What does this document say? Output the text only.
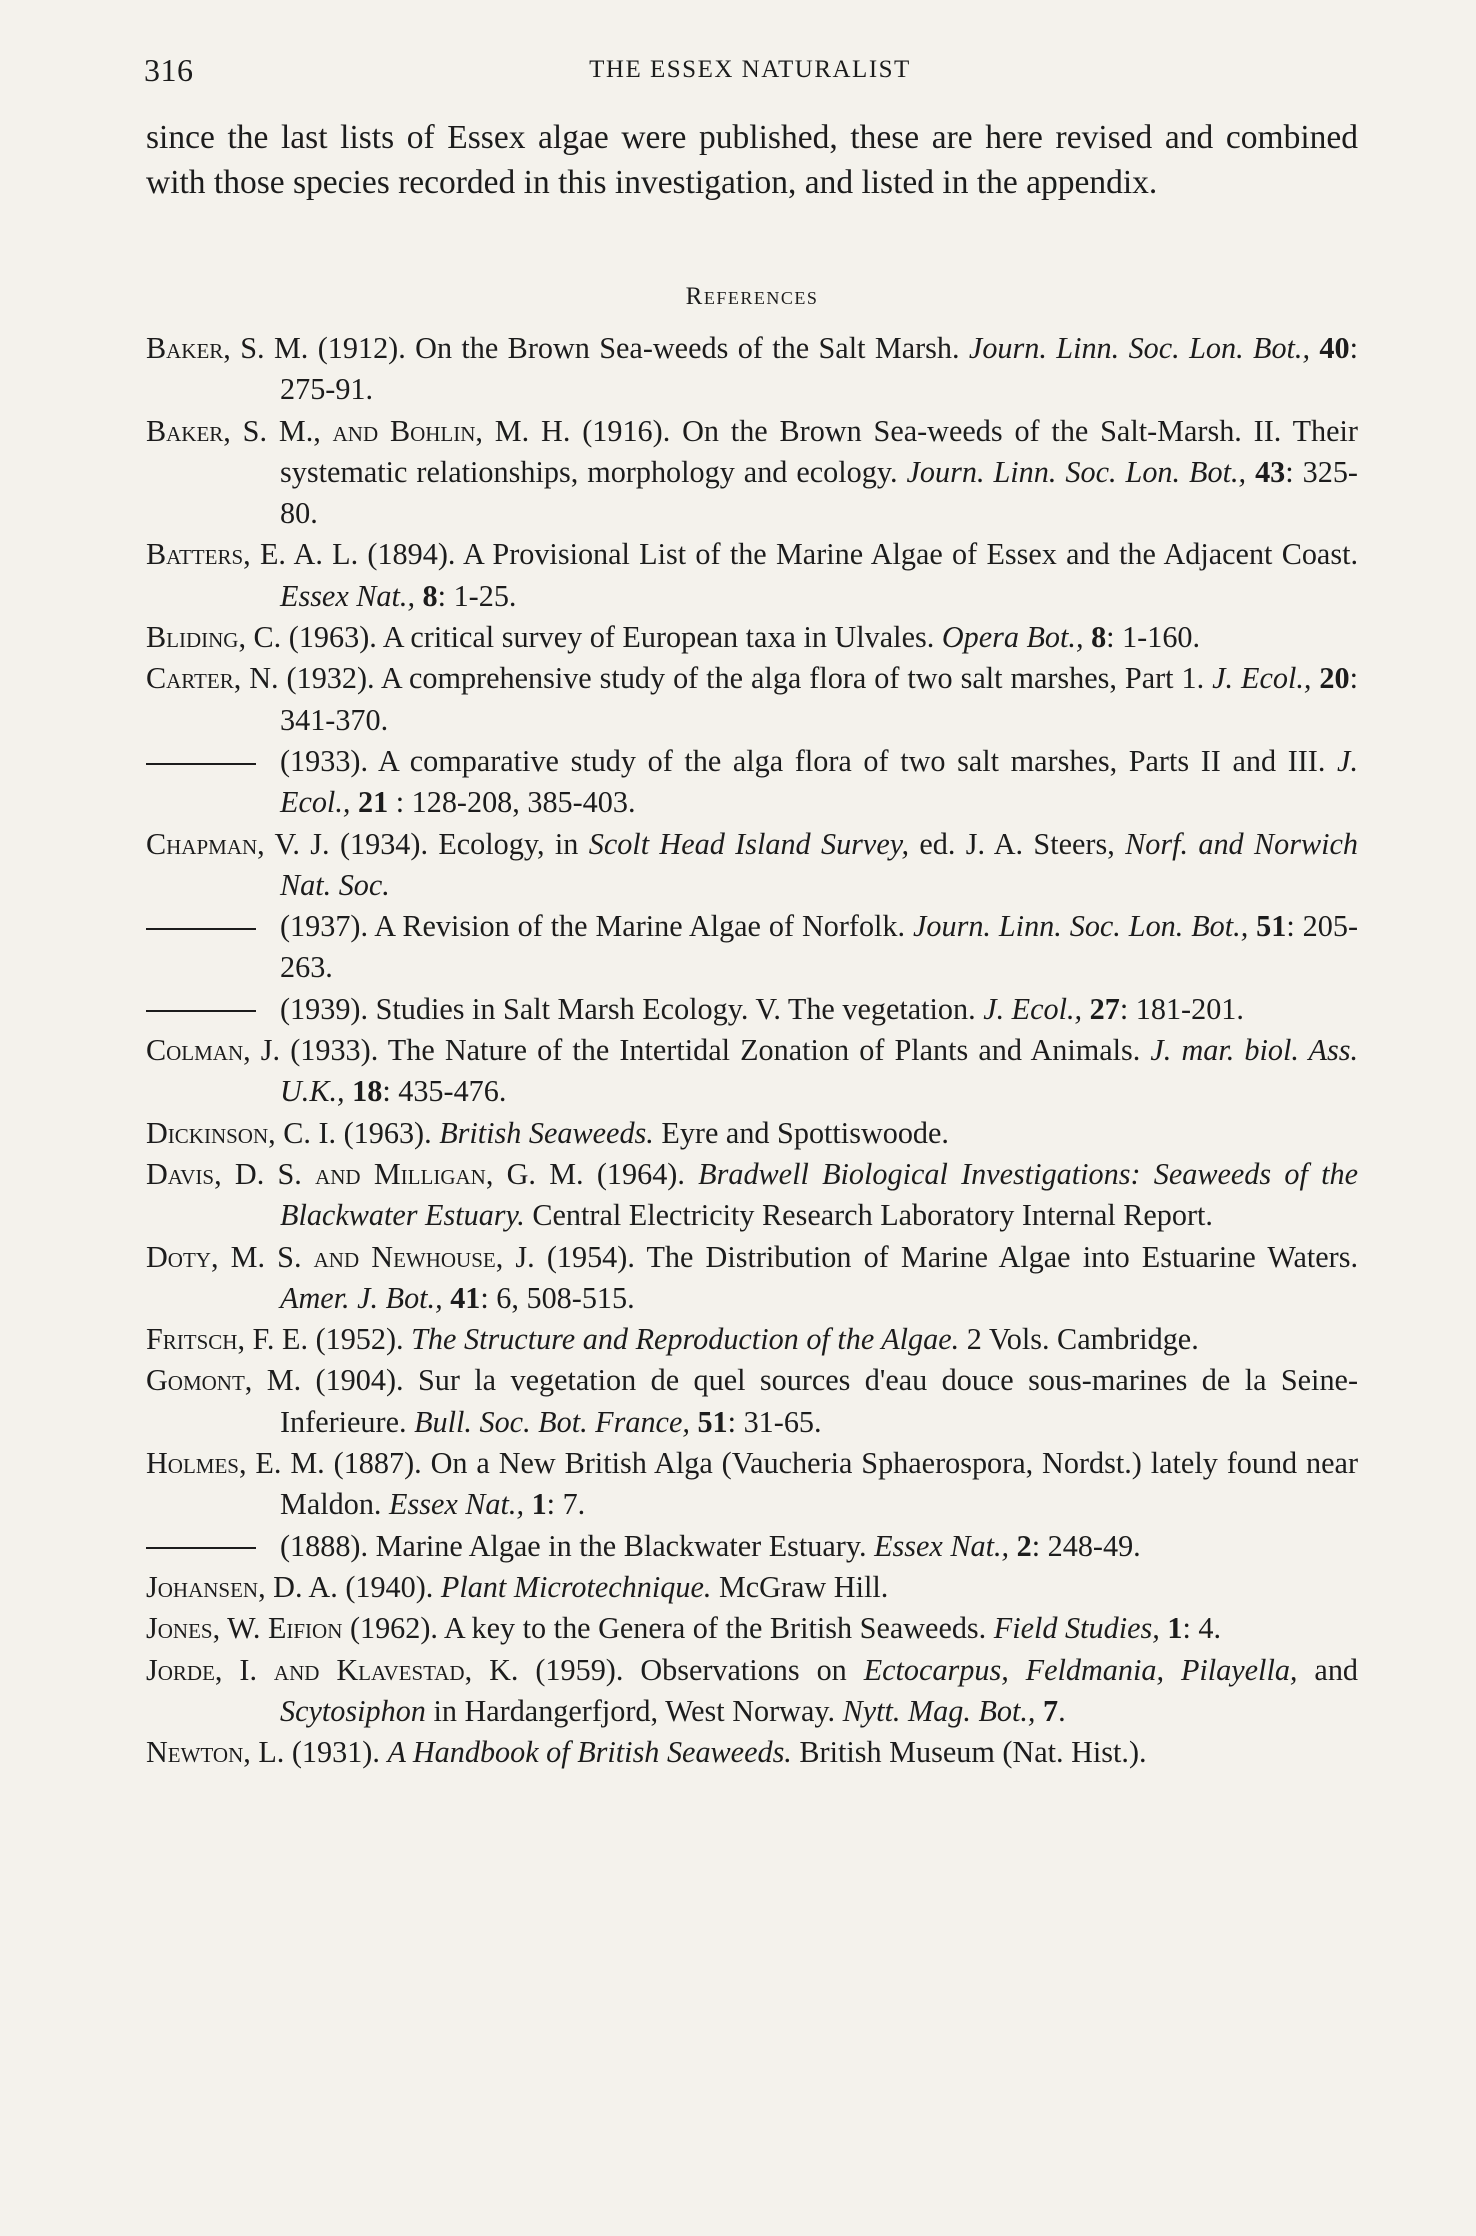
316	THE ESSEX NATURALIST

since the last lists of Essex algae were published, these are here revised and combined with those species recorded in this investigation, and listed in the appendix.

References
Baker, S. M. (1912). On the Brown Sea-weeds of the Salt Marsh. Journ. Linn. Soc. Lon. Bot., 40: 275-91.
Baker, S. M., and Bohlin, M. H. (1916). On the Brown Sea-weeds of the Salt-Marsh. II. Their systematic relationships, morphology and ecology. Journ. Linn. Soc. Lon. Bot., 43: 325-80.
Batters, E. A. L. (1894). A Provisional List of the Marine Algae of Essex and the Adjacent Coast. Essex Nat., 8: 1-25.
Bliding, C. (1963). A critical survey of European taxa in Ulvales. Opera Bot., 8: 1-160.
Carter, N. (1932). A comprehensive study of the alga flora of two salt marshes, Part 1. J. Ecol., 20: 341-370.
(1933). A comparative study of the alga flora of two salt marshes, Parts II and III. J. Ecol., 21 : 128-208, 385-403.
Chapman, V. J. (1934). Ecology, in Scolt Head Island Survey, ed. J. A. Steers, Norf. and Norwich Nat. Soc.
(1937). A Revision of the Marine Algae of Norfolk. Journ. Linn. Soc. Lon. Bot., 51: 205-263.
(1939). Studies in Salt Marsh Ecology. V. The vegetation. J. Ecol., 27: 181-201.
Colman, J. (1933). The Nature of the Intertidal Zonation of Plants and Animals. J. mar. biol. Ass. U.K., 18: 435-476.
Dickinson, C. I. (1963). British Seaweeds. Eyre and Spottiswoode.
Davis, D. S. and Milligan, G. M. (1964). Bradwell Biological Investigations: Seaweeds of the Blackwater Estuary. Central Electricity Research Laboratory Internal Report.
Doty, M. S. and Newhouse, J. (1954). The Distribution of Marine Algae into Estuarine Waters. Amer. J. Bot., 41: 6, 508-515.
Fritsch, F. E. (1952). The Structure and Reproduction of the Algae. 2 Vols. Cambridge.
Gomont, M. (1904). Sur la vegetation de quel sources d'eau douce sous-marines de la Seine-Inferieure. Bull. Soc. Bot. France, 51: 31-65.
Holmes, E. M. (1887). On a New British Alga (Vaucheria Sphaerospora, Nordst.) lately found near Maldon. Essex Nat., 1: 7.
(1888). Marine Algae in the Blackwater Estuary. Essex Nat., 2: 248-49.
Johansen, D. A. (1940). Plant Microtechnique. McGraw Hill.
Jones, W. Eifion (1962). A key to the Genera of the British Seaweeds. Field Studies, 1: 4.
Jorde, I. and Klavestad, K. (1959). Observations on Ectocarpus, Feldmania, Pilayella, and Scytosiphon in Hardangerfjord, West Norway. Nytt. Mag. Bot., 7.
Newton, L. (1931). A Handbook of British Seaweeds. British Museum (Nat. Hist.).
